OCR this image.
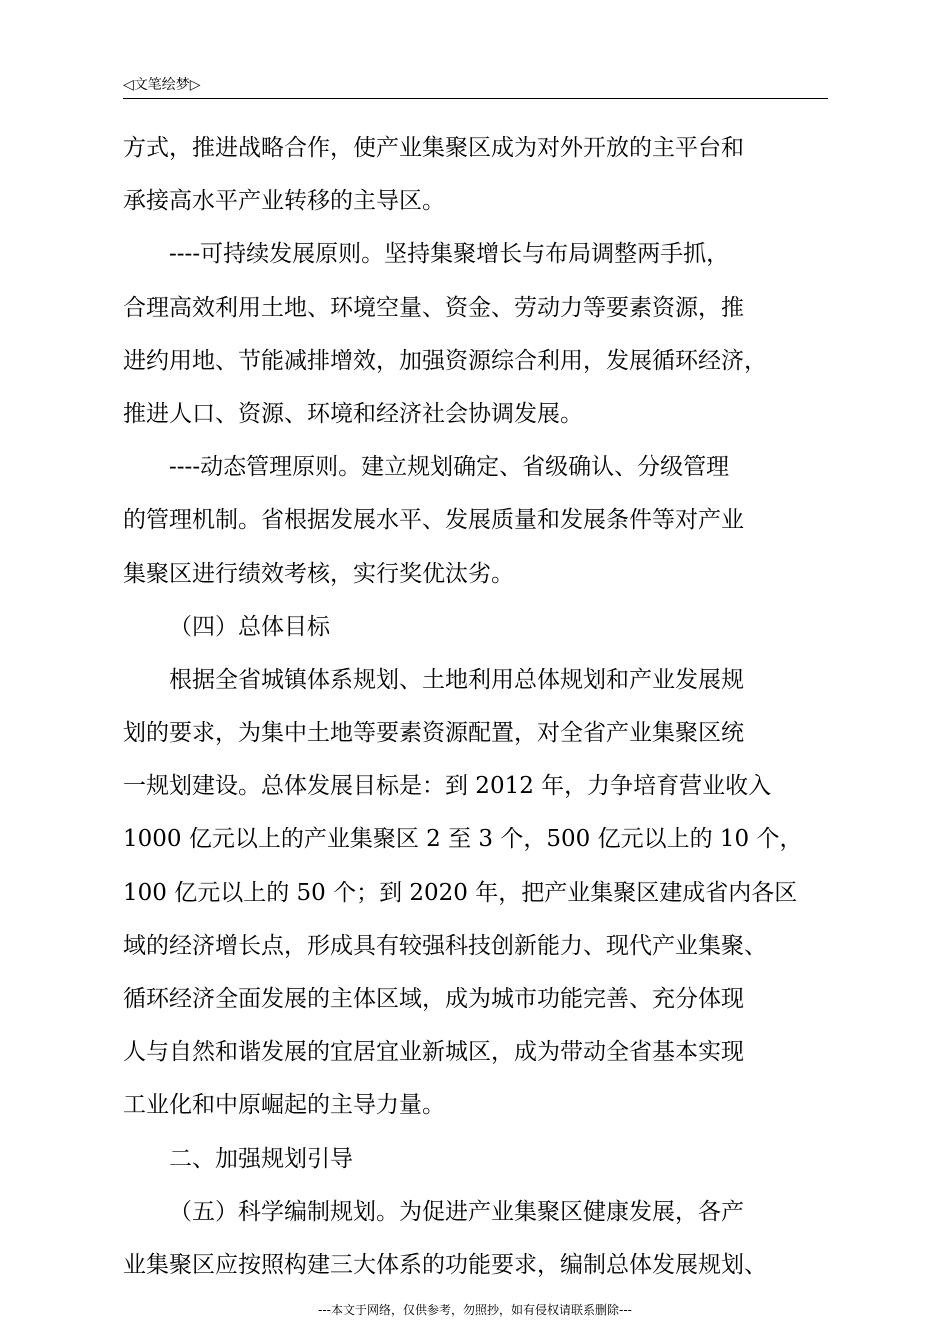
◁文笔绘梦▷
方式，推进战略合作，使产业集聚区成为对外开放的主平台和
承接高水平产业转移的主导区。
----可持续发展原则。坚持集聚增长与布局调整两手抓，
合理高效利用土地、环境空量、资金、劳动力等要素资源，推
进约用地、节能减排增效，加强资源综合利用，发展循环经济，
推进人口、资源、环境和经济社会协调发展。
----动态管理原则。建立规划确定、省级确认、分级管理
的管理机制。省根据发展水平、发展质量和发展条件等对产业
集聚区进行绩效考核，实行奖优汰劣。
（四）总体目标
根据全省城镇体系规划、土地利用总体规划和产业发展规
划的要求，为集中土地等要素资源配置，对全省产业集聚区统
一规划建设。总体发展目标是：到 2012 年，力争培育营业收入
1000 亿元以上的产业集聚区 2 至 3 个，500 亿元以上的 10 个，
100 亿元以上的 50 个；到 2020 年，把产业集聚区建成省内各区
域的经济增长点，形成具有较强科技创新能力、现代产业集聚、
循环经济全面发展的主体区域，成为城市功能完善、充分体现
人与自然和谐发展的宜居宜业新城区，成为带动全省基本实现
工业化和中原崛起的主导力量。
二、加强规划引导
（五）科学编制规划。为促进产业集聚区健康发展，各产
业集聚区应按照构建三大体系的功能要求，编制总体发展规划、
---本文于网络，仅供参考，勿照抄，如有侵权请联系删除---
